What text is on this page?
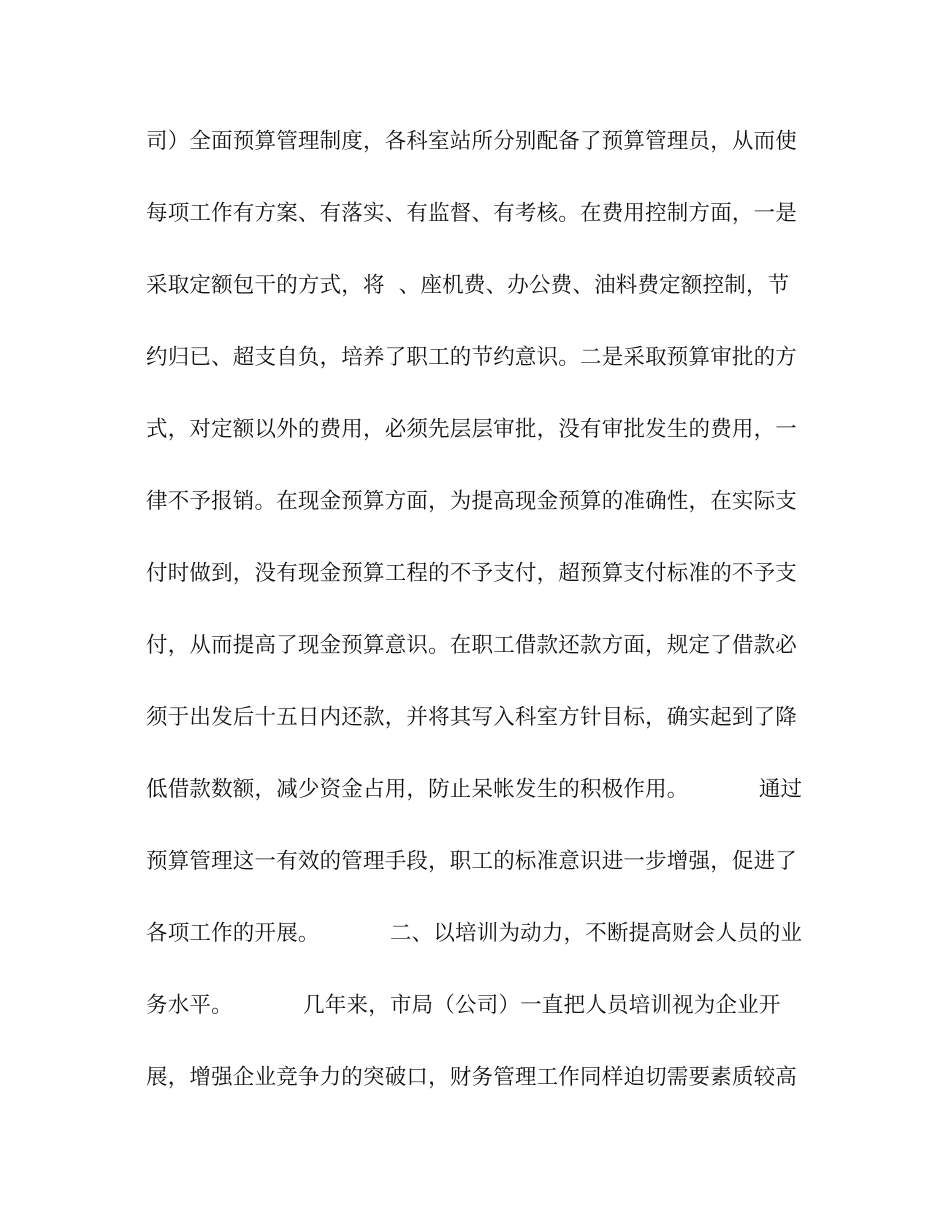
司）全面预算管理制度，各科室站所分别配备了预算管理员，从而使
每项工作有方案、有落实、有监督、有考核。在费用控制方面，一是
采取定额包干的方式，将  、座机费、办公费、油料费定额控制，节
约归已、超支自负，培养了职工的节约意识。二是采取预算审批的方
式，对定额以外的费用，必须先层层审批，没有审批发生的费用，一
律不予报销。在现金预算方面，为提高现金预算的准确性，在实际支
付时做到，没有现金预算工程的不予支付，超预算支付标准的不予支
付，从而提高了现金预算意识。在职工借款还款方面，规定了借款必
须于出发后十五日内还款，并将其写入科室方针目标，确实起到了降
低借款数额，减少资金占用，防止呆帐发生的积极作用。          通过
预算管理这一有效的管理手段，职工的标准意识进一步增强，促进了
各项工作的开展。          二、以培训为动力，不断提高财会人员的业
务水平。          几年来，市局（公司）一直把人员培训视为企业开
展，增强企业竞争力的突破口，财务管理工作同样迫切需要素质较高
